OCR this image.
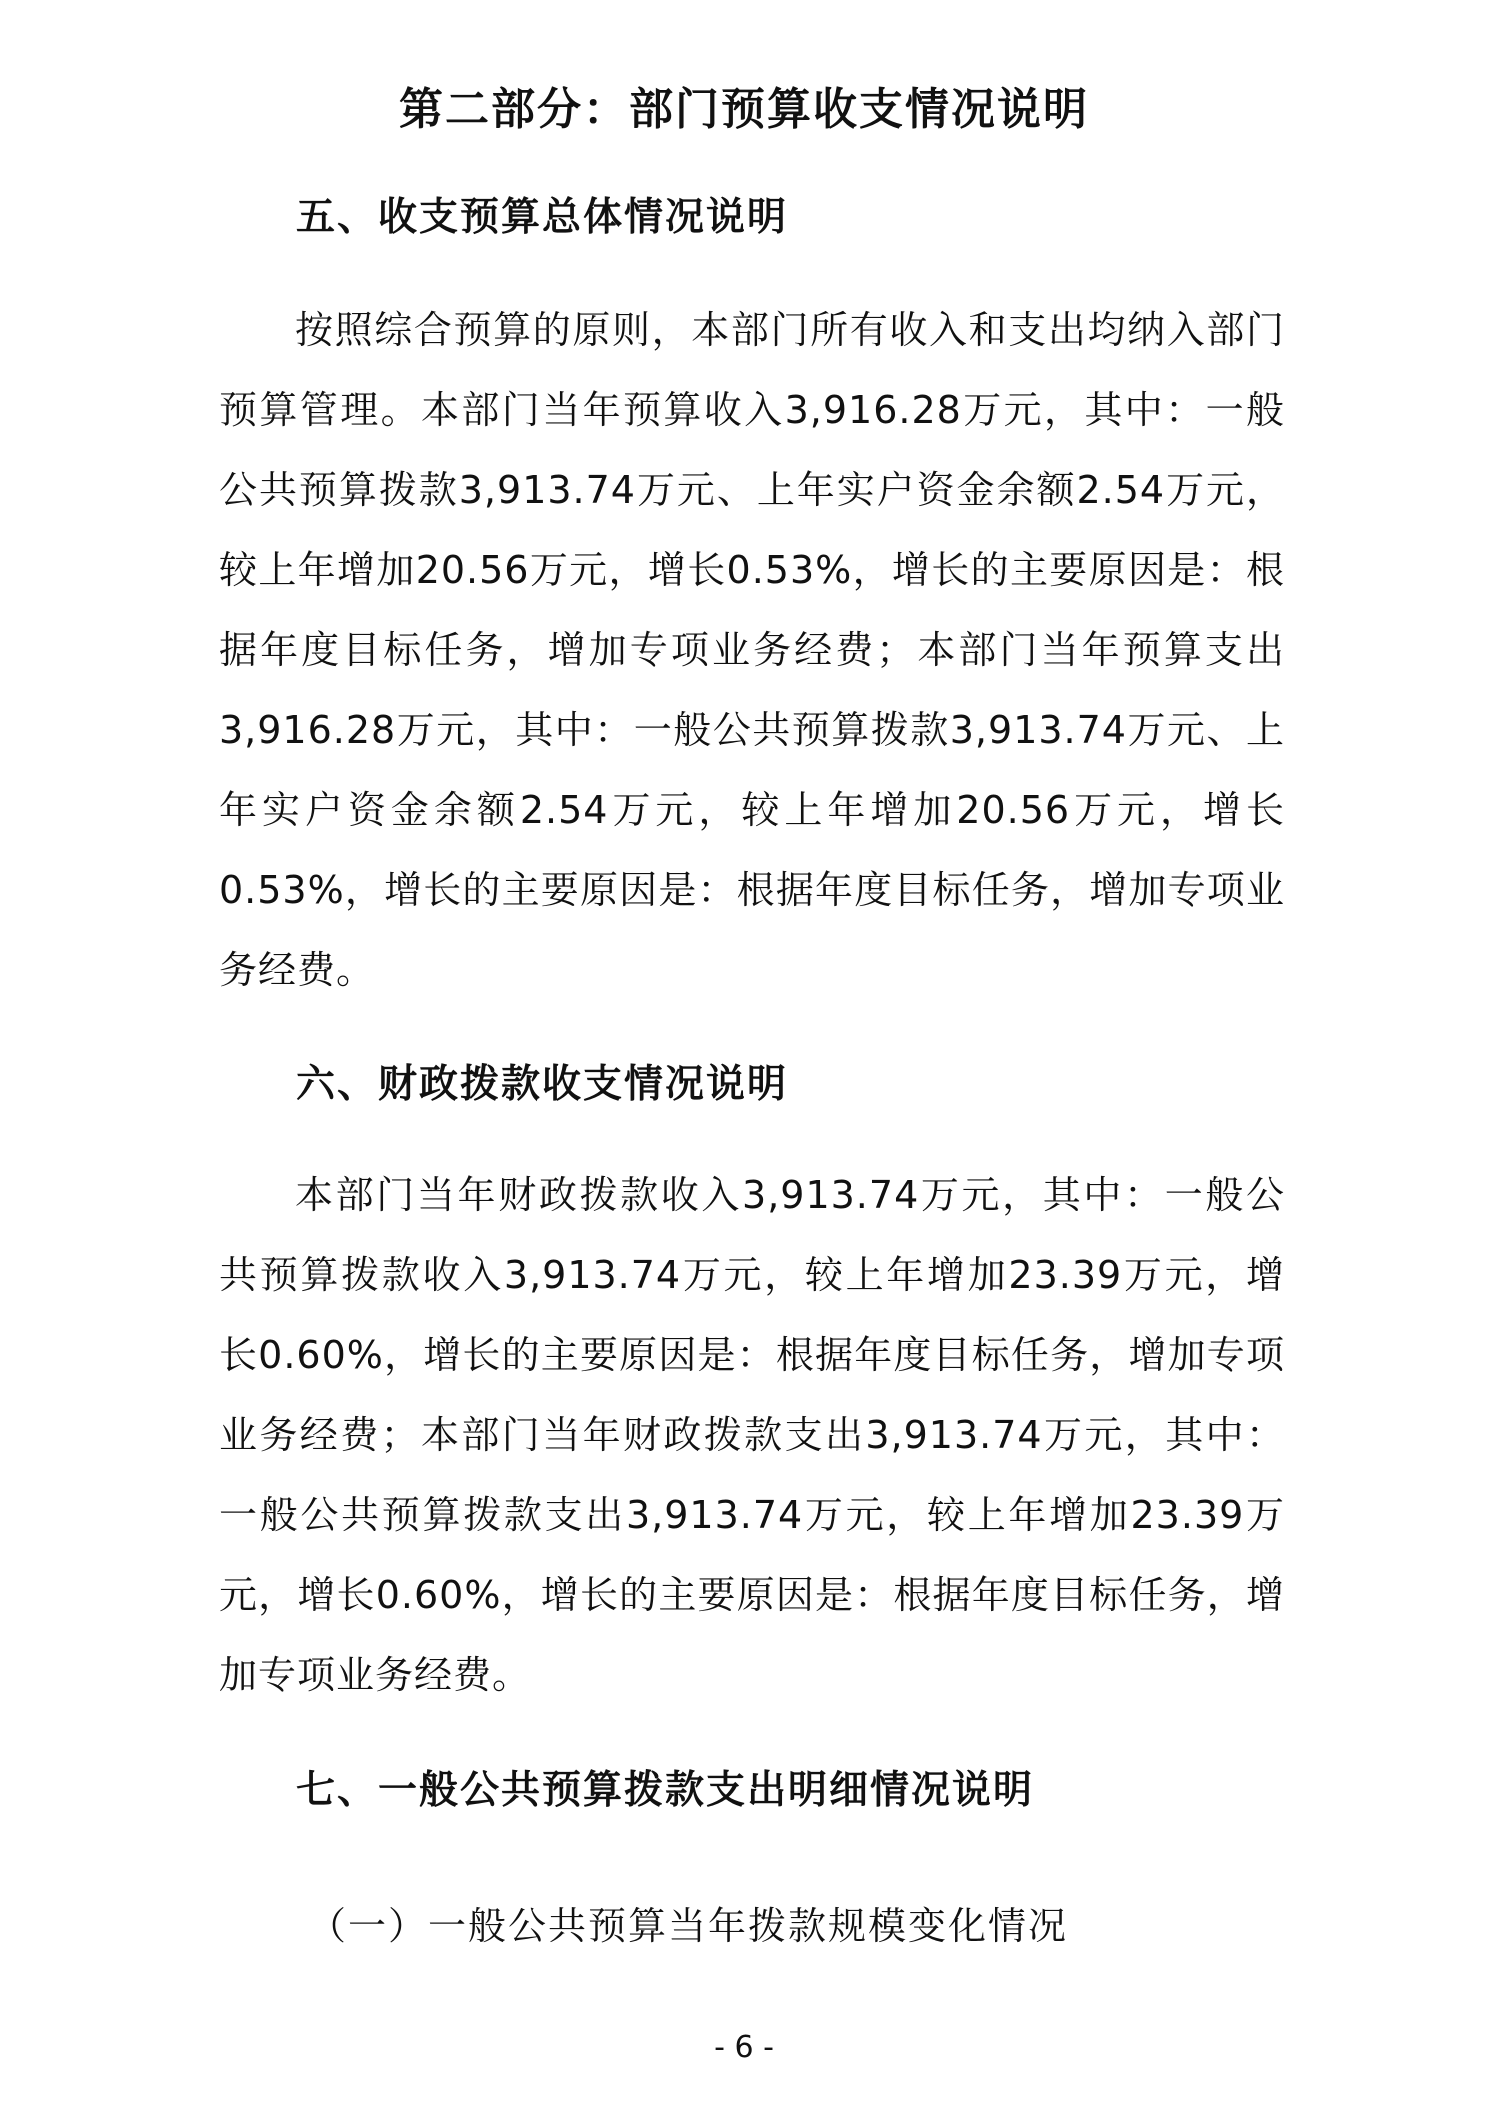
第二部分：部门预算收支情况说明
五、收支预算总体情况说明
按照综合预算的原则，本部门所有收入和支出均纳入部门预算管理。本部门当年预算收入3,916.28万元，其中：一般公共预算拨款3,913.74万元、上年实户资金余额2.54万元，较上年增加20.56万元，增长0.53%，增长的主要原因是：根据年度目标任务，增加专项业务经费；本部门当年预算支出3,916.28万元，其中：一般公共预算拨款3,913.74万元、上年实户资金余额2.54万元，较上年增加20.56万元，增长0.53%，增长的主要原因是：根据年度目标任务，增加专项业务经费。
六、财政拨款收支情况说明
本部门当年财政拨款收入3,913.74万元，其中：一般公共预算拨款收入3,913.74万元，较上年增加23.39万元，增长0.60%，增长的主要原因是：根据年度目标任务，增加专项业务经费；本部门当年财政拨款支出3,913.74万元，其中：一般公共预算拨款支出3,913.74万元，较上年增加23.39万元，增长0.60%，增长的主要原因是：根据年度目标任务，增加专项业务经费。
七、一般公共预算拨款支出明细情况说明
（一）一般公共预算当年拨款规模变化情况
- 6 -
